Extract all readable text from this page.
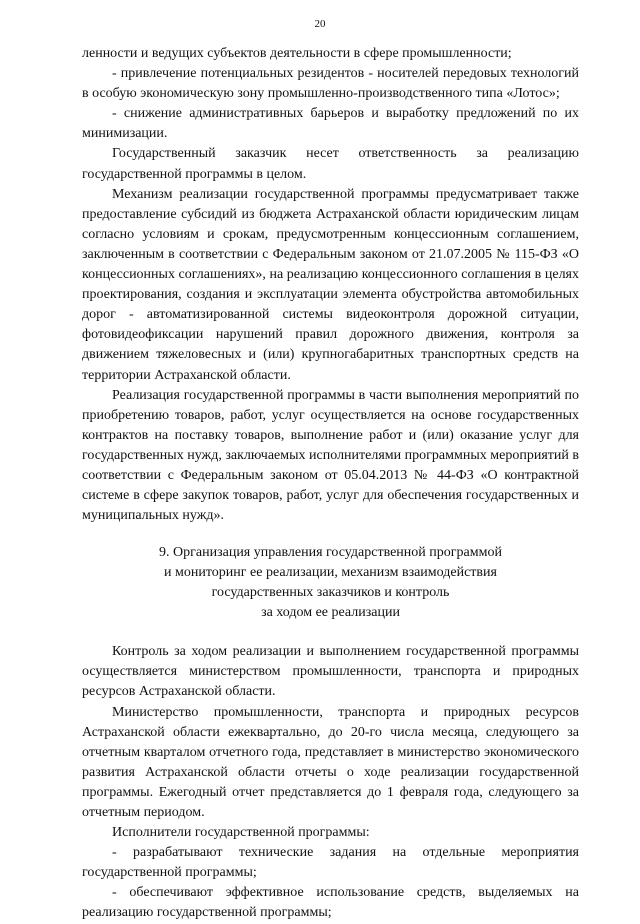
20

ленности и ведущих субъектов деятельности в сфере промышленности;

- привлечение потенциальных резидентов - носителей передовых технологий в особую экономическую зону промышленно-производственного типа «Лотос»;

- снижение административных барьеров и выработку предложений по их минимизации.

Государственный заказчик несет ответственность за реализацию государственной программы в целом.

Механизм реализации государственной программы предусматривает также предоставление субсидий из бюджета Астраханской области юридическим лицам согласно условиям и срокам, предусмотренным концессионным соглашением, заключенным в соответствии с Федеральным законом от 21.07.2005 № 115-ФЗ «О концессионных соглашениях», на реализацию концессионного соглашения в целях проектирования, создания и эксплуатации элемента обустройства автомобильных дорог - автоматизированной системы видеоконтроля дорожной ситуации, фотовидеофиксации нарушений правил дорожного движения, контроля за движением тяжеловесных и (или) крупногабаритных транспортных средств на территории Астраханской области.

Реализация государственной программы в части выполнения мероприятий по приобретению товаров, работ, услуг осуществляется на основе государственных контрактов на поставку товаров, выполнение работ и (или) оказание услуг для государственных нужд, заключаемых исполнителями программных мероприятий в соответствии с Федеральным законом от 05.04.2013 № 44-ФЗ «О контрактной системе в сфере закупок товаров, работ, услуг для обеспечения государственных и муниципальных нужд».

9. Организация управления государственной программой
и мониторинг ее реализации, механизм взаимодействия
государственных заказчиков и контроль
за ходом ее реализации

Контроль за ходом реализации и выполнением государственной программы осуществляется министерством промышленности, транспорта и природных ресурсов Астраханской области.

Министерство промышленности, транспорта и природных ресурсов Астраханской области ежеквартально, до 20-го числа месяца, следующего за отчетным кварталом отчетного года, представляет в министерство экономического развития Астраханской области отчеты о ходе реализации государственной программы. Ежегодный отчет представляется до 1 февраля года, следующего за отчетным периодом.

Исполнители государственной программы:

- разрабатывают технические задания на отдельные мероприятия государственной программы;

- обеспечивают эффективное использование средств, выделяемых на реализацию государственной программы;
